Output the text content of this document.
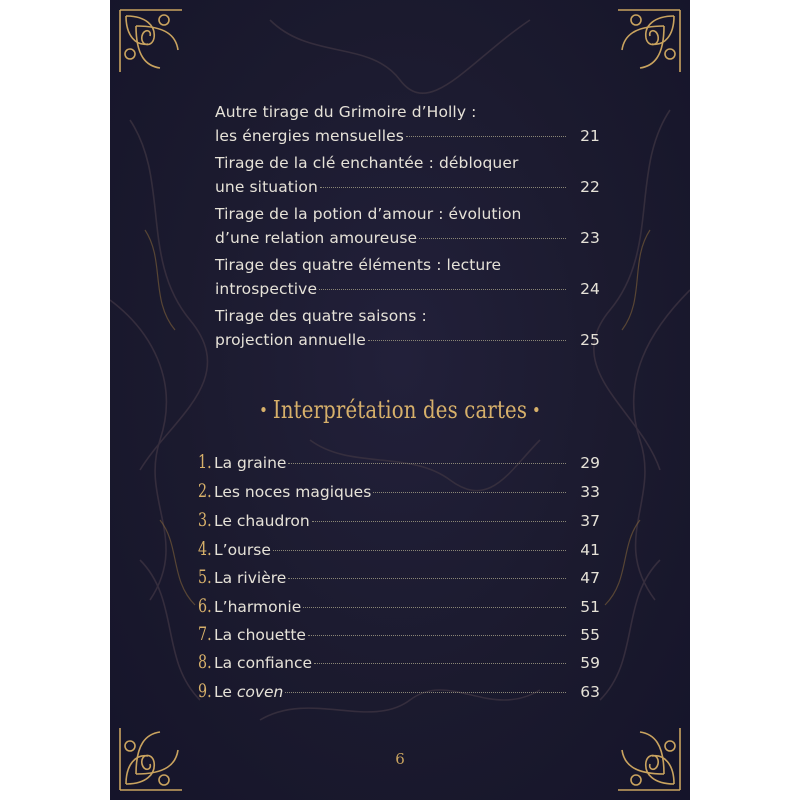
Autre tirage du Grimoire d’Holly :
les énergies mensuelles	21
Tirage de la clé enchantée : débloquer
une situation	22
Tirage de la potion d’amour : évolution
d’une relation amoureuse	23
Tirage des quatre éléments : lecture
introspective	24
Tirage des quatre saisons :
projection annuelle	25
• Interprétation des cartes •
1. La graine	29
2. Les noces magiques	33
3. Le chaudron	37
4. L’ourse	41
5. La rivière	47
6. L’harmonie	51
7. La chouette	55
8. La confiance	59
9. Le coven	63
6
